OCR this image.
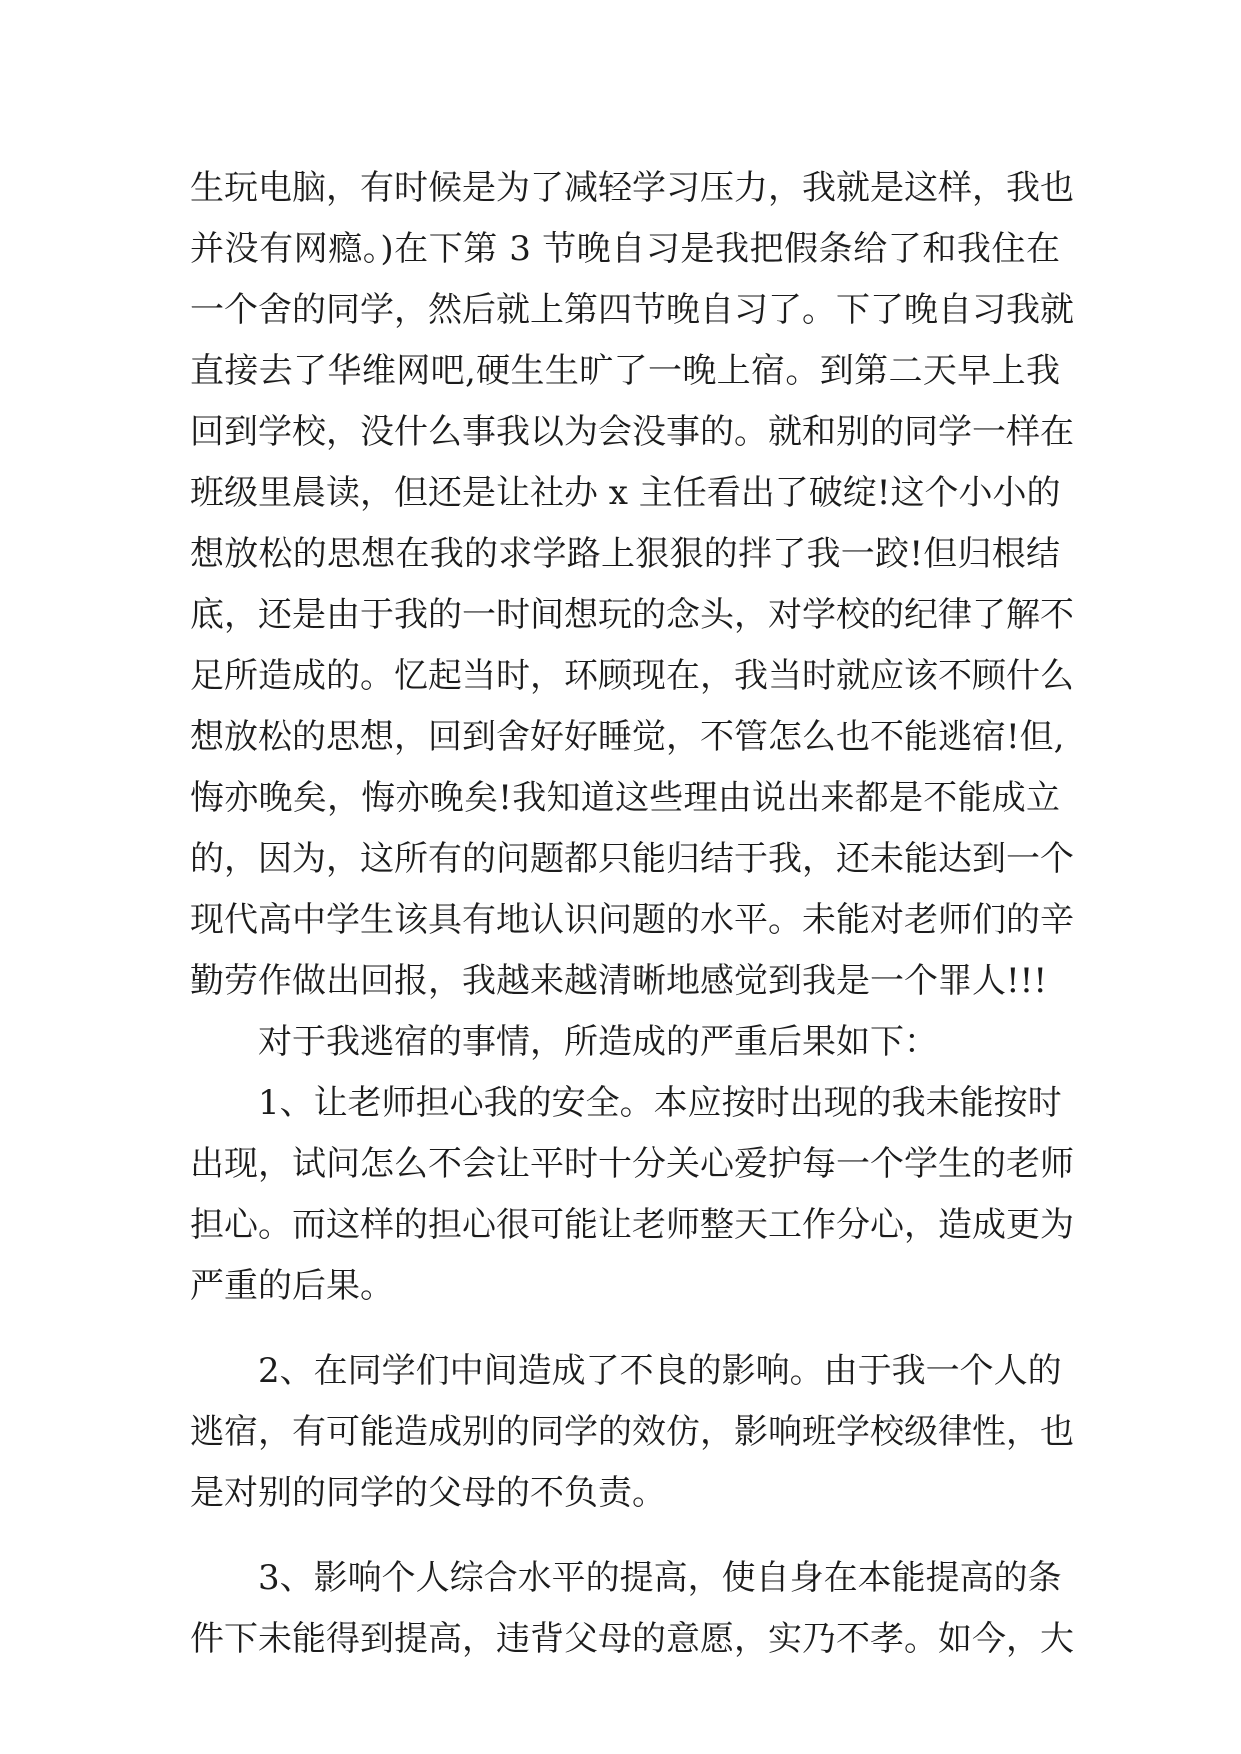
生玩电脑，有时候是为了减轻学习压力，我就是这样，我也
并没有网瘾。)在下第 3 节晚自习是我把假条给了和我住在
一个舍的同学，然后就上第四节晚自习了。下了晚自习我就
直接去了华维网吧,硬生生旷了一晚上宿。到第二天早上我
回到学校，没什么事我以为会没事的。就和别的同学一样在
班级里晨读，但还是让社办 x 主任看出了破绽!这个小小的
想放松的思想在我的求学路上狠狠的拌了我一跤!但归根结
底，还是由于我的一时间想玩的念头，对学校的纪律了解不
足所造成的。忆起当时，环顾现在，我当时就应该不顾什么
想放松的思想，回到舍好好睡觉，不管怎么也不能逃宿!但,
悔亦晚矣，悔亦晚矣!我知道这些理由说出来都是不能成立
的，因为，这所有的问题都只能归结于我，还未能达到一个
现代高中学生该具有地认识问题的水平。未能对老师们的辛
勤劳作做出回报，我越来越清晰地感觉到我是一个罪人!!!
对于我逃宿的事情，所造成的严重后果如下：
1、让老师担心我的安全。本应按时出现的我未能按时
出现，试问怎么不会让平时十分关心爱护每一个学生的老师
担心。而这样的担心很可能让老师整天工作分心，造成更为
严重的后果。
2、在同学们中间造成了不良的影响。由于我一个人的
逃宿，有可能造成别的同学的效仿，影响班学校级律性，也
是对别的同学的父母的不负责。
3、影响个人综合水平的提高，使自身在本能提高的条
件下未能得到提高，违背父母的意愿，实乃不孝。如今，大
